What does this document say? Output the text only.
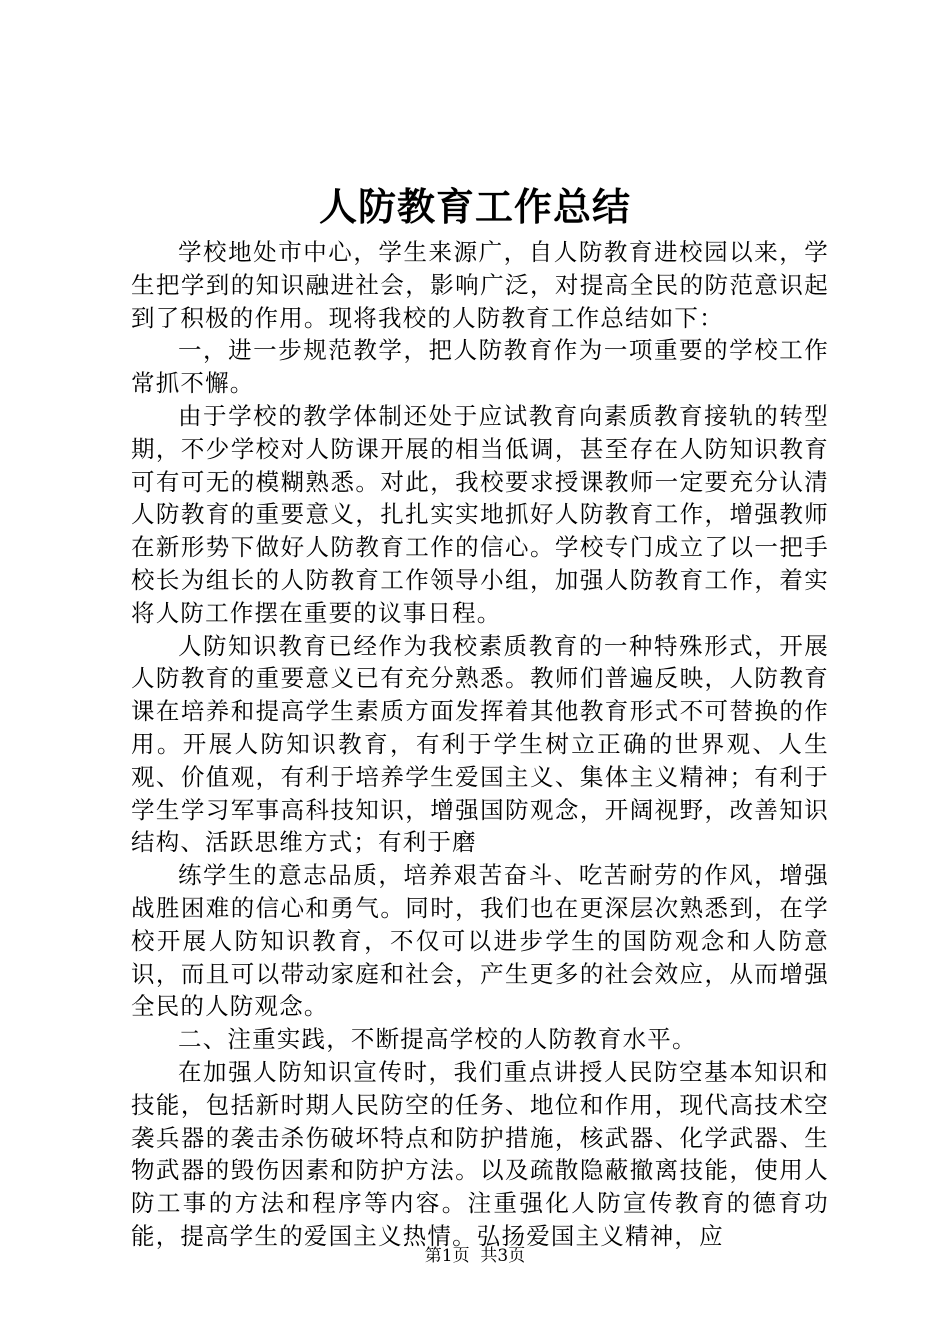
人防教育工作总结

学校地处市中心，学生来源广，自人防教育进校园以来，学生把学到的知识融进社会，影响广泛，对提高全民的防范意识起到了积极的作用。现将我校的人防教育工作总结如下：

一，进一步规范教学，把人防教育作为一项重要的学校工作常抓不懈。

由于学校的教学体制还处于应试教育向素质教育接轨的转型期，不少学校对人防课开展的相当低调，甚至存在人防知识教育可有可无的模糊熟悉。对此，我校要求授课教师一定要充分认清人防教育的重要意义，扎扎实实地抓好人防教育工作，增强教师在新形势下做好人防教育工作的信心。学校专门成立了以一把手校长为组长的人防教育工作领导小组，加强人防教育工作，着实将人防工作摆在重要的议事日程。

人防知识教育已经作为我校素质教育的一种特殊形式，开展人防教育的重要意义已有充分熟悉。教师们普遍反映，人防教育课在培养和提高学生素质方面发挥着其他教育形式不可替换的作用。开展人防知识教育，有利于学生树立正确的世界观、人生观、价值观，有利于培养学生爱国主义、集体主义精神；有利于学生学习军事高科技知识，增强国防观念，开阔视野，改善知识结构、活跃思维方式；有利于磨

练学生的意志品质，培养艰苦奋斗、吃苦耐劳的作风，增强战胜困难的信心和勇气。同时，我们也在更深层次熟悉到，在学校开展人防知识教育，不仅可以进步学生的国防观念和人防意识，而且可以带动家庭和社会，产生更多的社会效应，从而增强全民的人防观念。

二、注重实践，不断提高学校的人防教育水平。

在加强人防知识宣传时，我们重点讲授人民防空基本知识和技能，包括新时期人民防空的任务、地位和作用，现代高技术空袭兵器的袭击杀伤破坏特点和防护措施，核武器、化学武器、生物武器的毁伤因素和防护方法。以及疏散隐蔽撤离技能，使用人防工事的方法和程序等内容。注重强化人防宣传教育的德育功能，提高学生的爱国主义热情。弘扬爱国主义精神，应

第1页  共3页
